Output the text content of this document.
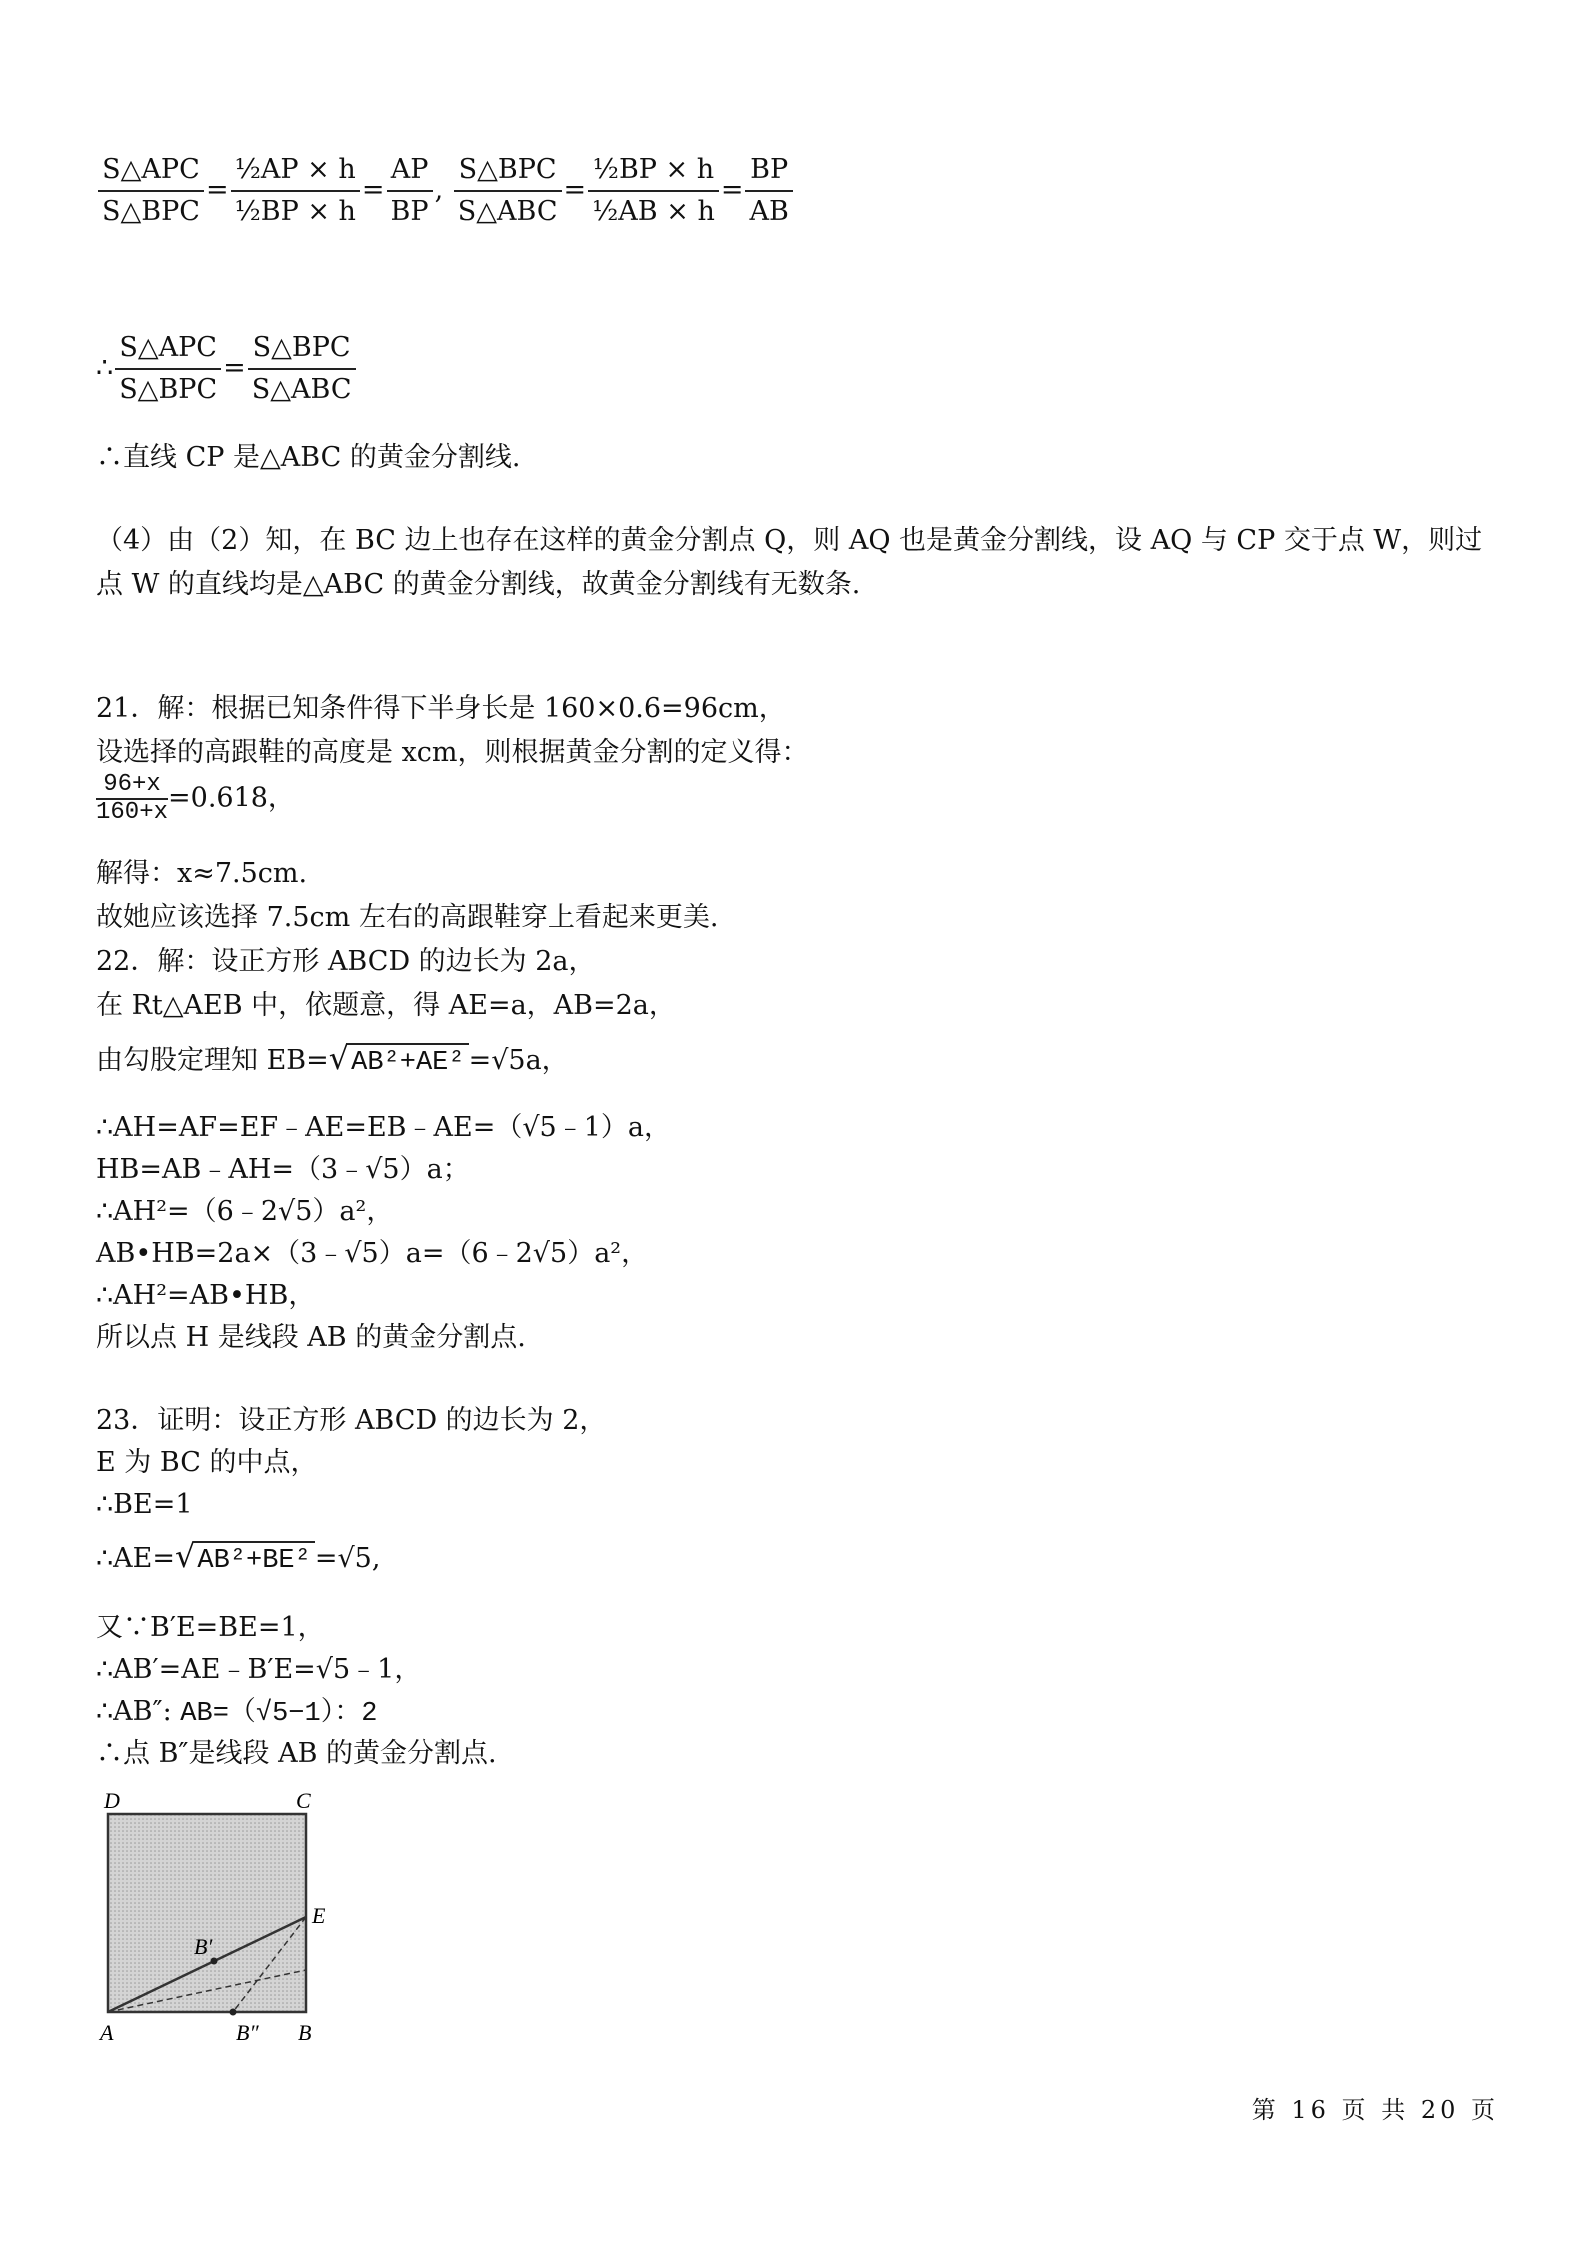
$\frac{\text{S△APC}}{\text{S△BPC}} = \frac{\text{½AP × h}}{\text{½BP × h}} = \frac{AP}{BP}$ , $\frac{\text{S△BPC}}{\text{S△ABC}} = \frac{\text{½BP × h}}{\text{½AB × h}} = \frac{BP}{AB}$
∴ $\frac{\text{S△APC}}{\text{S△BPC}} = \frac{\text{S△BPC}}{\text{S△ABC}}$
∴直线 CP 是△ABC 的黄金分割线.
（4）由（2）知，在 BC 边上也存在这样的黄金分割点 Q，则 AQ 也是黄金分割线，设 AQ 与 CP 交于点 W，则过
点 W 的直线均是△ABC 的黄金分割线，故黄金分割线有无数条.
21．解：根据已知条件得下半身长是 160×0.6=96cm，
设选择的高跟鞋的高度是 xcm，则根据黄金分割的定义得：
$\frac{96+x}{160+x} =0.618$，
解得：x≈7.5cm.
故她应该选择 7.5cm 左右的高跟鞋穿上看起来更美.
22．解：设正方形 ABCD 的边长为 2a，
在 Rt△AEB 中，依题意，得 AE=a，AB=2a，
由勾股定理知 EB=√AB²+AE² =√5a，
∴AH=AF=EF﹣AE=EB﹣AE=（√5﹣1）a，
HB=AB﹣AH=（3﹣√5）a；
∴AH²=（6﹣2√5）a²，
AB•HB=2a×（3﹣√5）a=（6﹣2√5）a²，
∴AH²=AB•HB，
所以点 H 是线段 AB 的黄金分割点.
23．证明：设正方形 ABCD 的边长为 2，
E 为 BC 的中点，
∴BE=1
∴AE=√AB²+BE² =√5,
又∵B′E=BE=1，
∴AB′=AE﹣B′E=√5﹣1，
∴AB″: AB=（√5−1）：2
∴点 B″是线段 AB 的黄金分割点.
D	C
E
B′
A	B″ B
第 16 页 共 20 页
